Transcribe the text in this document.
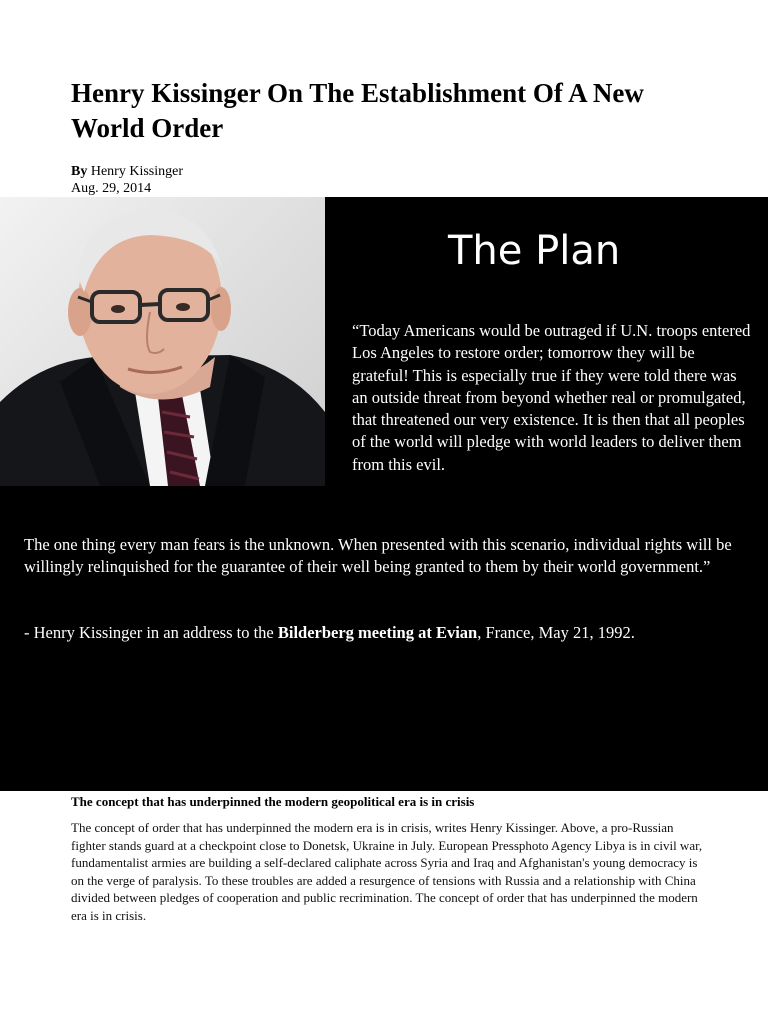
Henry Kissinger On The Establishment Of A New World Order
By Henry Kissinger
Aug. 29, 2014
The Plan
“Today Americans would be outraged if U.N. troops entered Los Angeles to restore order; tomorrow they will be grateful! This is especially true if they were told there was an outside threat from beyond whether real or promulgated, that threatened our very existence. It is then that all peoples of the world will pledge with world leaders to deliver them from this evil.
The one thing every man fears is the unknown. When presented with this scenario, individual rights will be willingly relinquished for the guarantee of their well being granted to them by their world government.”
- Henry Kissinger in an address to the Bilderberg meeting at Evian, France, May 21, 1992.
The concept that has underpinned the modern geopolitical era is in crisis
The concept of order that has underpinned the modern era is in crisis, writes Henry Kissinger. Above, a pro-Russian fighter stands guard at a checkpoint close to Donetsk, Ukraine in July. European Pressphoto Agency Libya is in civil war, fundamentalist armies are building a self-declared caliphate across Syria and Iraq and Afghanistan's young democracy is on the verge of paralysis. To these troubles are added a resurgence of tensions with Russia and a relationship with China divided between pledges of cooperation and public recrimination. The concept of order that has underpinned the modern era is in crisis.
